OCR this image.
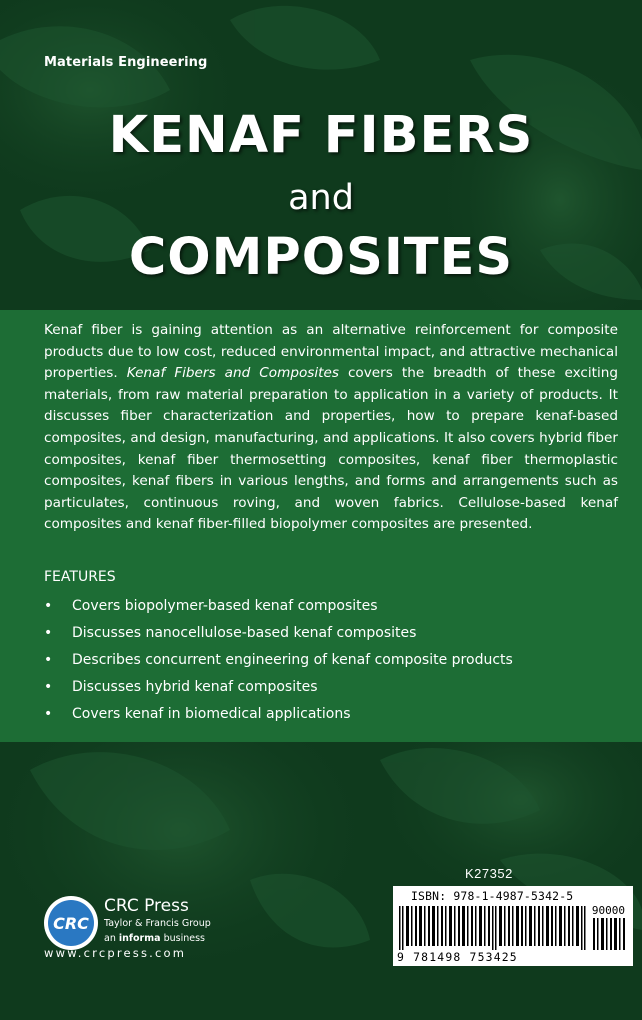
Materials Engineering
KENAF FIBERS
and
COMPOSITES

Kenaf fiber is gaining attention as an alternative reinforcement for composite products due to low cost, reduced environmental impact, and attractive mechanical properties. Kenaf Fibers and Composites covers the breadth of these exciting materials, from raw material preparation to application in a variety of products. It discusses fiber characterization and properties, how to prepare kenaf-based composites, and design, manufacturing, and applications. It also covers hybrid fiber composites, kenaf fiber thermosetting composites, kenaf fiber thermoplastic composites, kenaf fibers in various lengths, and forms and arrangements such as particulates, continuous roving, and woven fabrics. Cellulose-based kenaf composites and kenaf fiber-filled biopolymer composites are presented.

FEATURES
• Covers biopolymer-based kenaf composites
• Discusses nanocellulose-based kenaf composites
• Describes concurrent engineering of kenaf composite products
• Discusses hybrid kenaf composites
• Covers kenaf in biomedical applications
K27352
ISBN: 978-1-4987-5342-5
90000
9 781498 753425
CRC
CRC Press
Taylor & Francis Group
an informa business
www.crcpress.com
